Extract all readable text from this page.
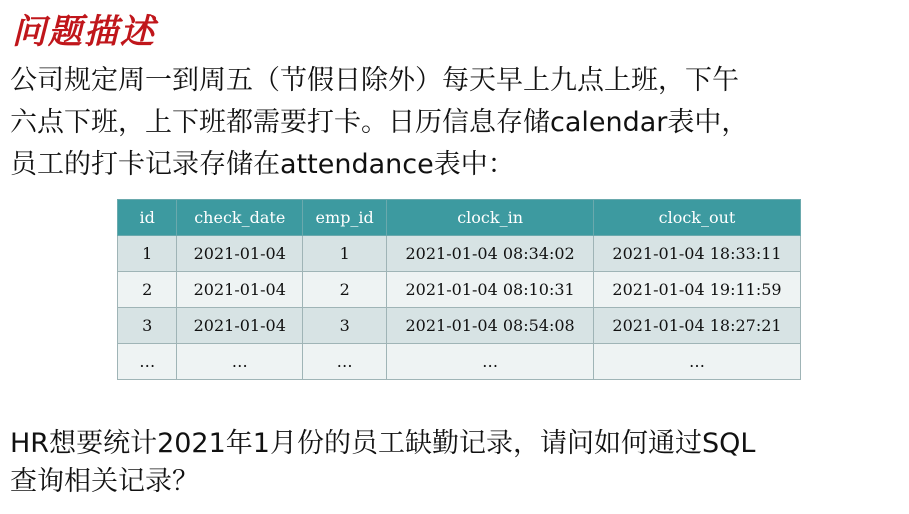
问题描述
公司规定周一到周五（节假日除外）每天早上九点上班，下午
六点下班，上下班都需要打卡。日历信息存储calendar表中，
员工的打卡记录存储在attendance表中：
id	check_date	emp_id	clock_in	clock_out
1	2021-01-04	1	2021-01-04 08:34:02	2021-01-04 18:33:11
2	2021-01-04	2	2021-01-04 08:10:31	2021-01-04 19:11:59
3	2021-01-04	3	2021-01-04 08:54:08	2021-01-04 18:27:21
…	…	…	…	…
HR想要统计2021年1月份的员工缺勤记录，请问如何通过SQL
查询相关记录？
